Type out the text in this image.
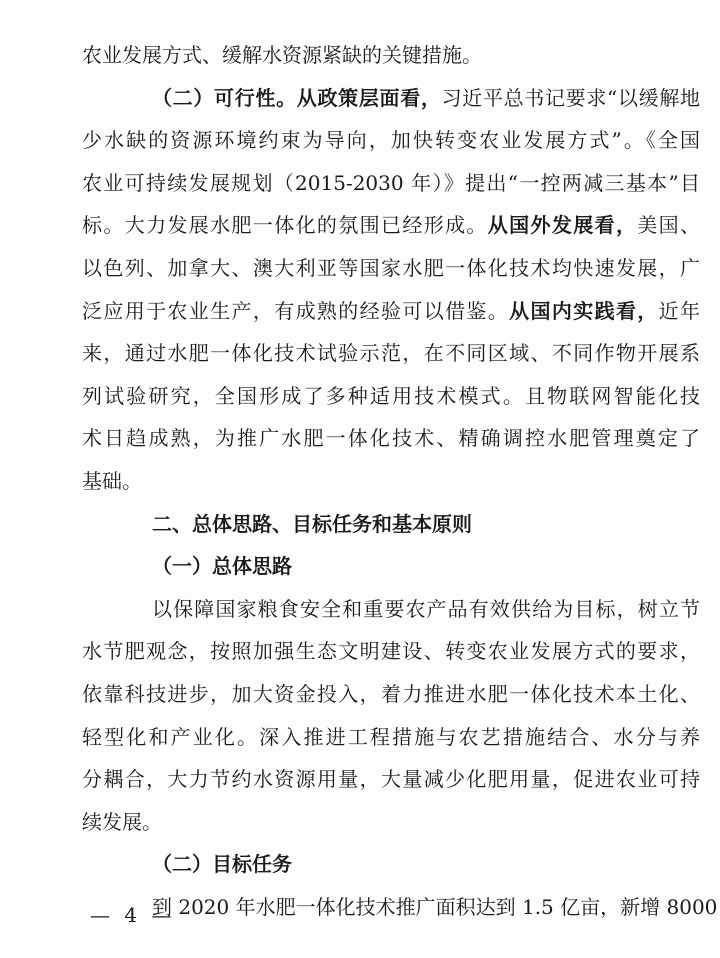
农业发展方式、缓解水资源紧缺的关键措施。
（二）可行性。从政策层面看，习近平总书记要求“以缓解地
少水缺的资源环境约束为导向，加快转变农业发展方式”。《全国
农业可持续发展规划（2015-2030 年）》提出“一控两减三基本”目
标。大力发展水肥一体化的氛围已经形成。从国外发展看，美国、
以色列、加拿大、澳大利亚等国家水肥一体化技术均快速发展，广
泛应用于农业生产，有成熟的经验可以借鉴。从国内实践看，近年
来，通过水肥一体化技术试验示范，在不同区域、不同作物开展系
列试验研究，全国形成了多种适用技术模式。且物联网智能化技
术日趋成熟，为推广水肥一体化技术、精确调控水肥管理奠定了
基础。
二、总体思路、目标任务和基本原则
（一）总体思路
以保障国家粮食安全和重要农产品有效供给为目标，树立节
水节肥观念，按照加强生态文明建设、转变农业发展方式的要求，
依靠科技进步，加大资金投入，着力推进水肥一体化技术本土化、
轻型化和产业化。深入推进工程措施与农艺措施结合、水分与养
分耦合，大力节约水资源用量，大量减少化肥用量，促进农业可持
续发展。
（二）目标任务
到 2020 年水肥一体化技术推广面积达到 1.5 亿亩，新增 8000
— 4 —
